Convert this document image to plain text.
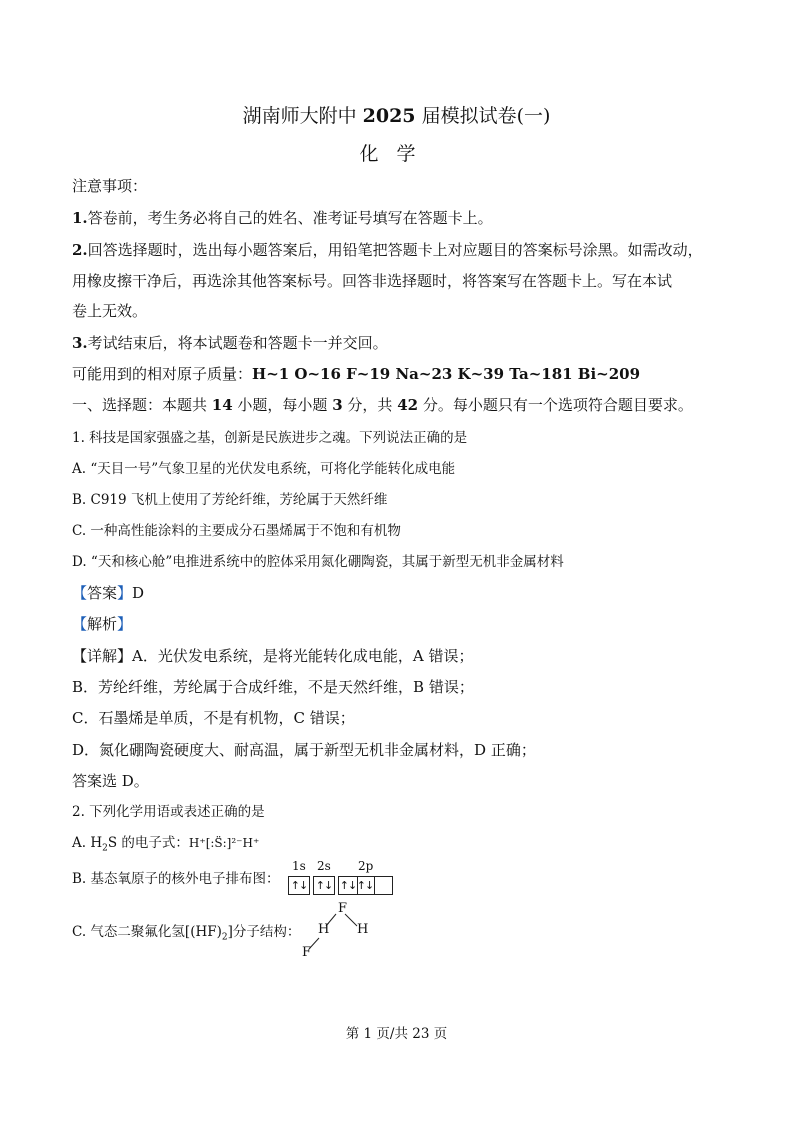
湖南师大附中 2025 届模拟试卷(一)
化学
注意事项：
1.答卷前，考生务必将自己的姓名、准考证号填写在答题卡上。
2.回答选择题时，选出每小题答案后，用铅笔把答题卡上对应题目的答案标号涂黑。如需改动，
用橡皮擦干净后，再选涂其他答案标号。回答非选择题时，将答案写在答题卡上。写在本试
卷上无效。
3.考试结束后，将本试题卷和答题卡一并交回。
可能用到的相对原子质量：H~1 O~16 F~19 Na~23 K~39 Ta~181 Bi~209
一、选择题：本题共 14 小题，每小题 3 分，共 42 分。每小题只有一个选项符合题目要求。
1. 科技是国家强盛之基，创新是民族进步之魂。下列说法正确的是
A. “天目一号”气象卫星的光伏发电系统，可将化学能转化成电能
B. C919 飞机上使用了芳纶纤维，芳纶属于天然纤维
C. 一种高性能涂料的主要成分石墨烯属于不饱和有机物
D. “天和核心舱”电推进系统中的腔体采用氮化硼陶瓷，其属于新型无机非金属材料
【答案】D
【解析】
【详解】A．光伏发电系统，是将光能转化成电能，A 错误；
B．芳纶纤维，芳纶属于合成纤维，不是天然纤维，B 错误；
C．石墨烯是单质，不是有机物，C 错误；
D．氮化硼陶瓷硬度大、耐高温，属于新型无机非金属材料，D 正确；
答案选 D。
2. 下列化学用语或表述正确的是
A. $H_2S$ 的电子式：H⁺[:S̈:]²⁻H⁺
B. 基态氧原子的核外电子排布图：
1s 2s 2p
↑↓ ↑↓ ↑↓ ↑↓
C. 气态二聚氟化氢$[(HF)_2]$分子结构：
F
H H
F
第 1 页/共 23 页
